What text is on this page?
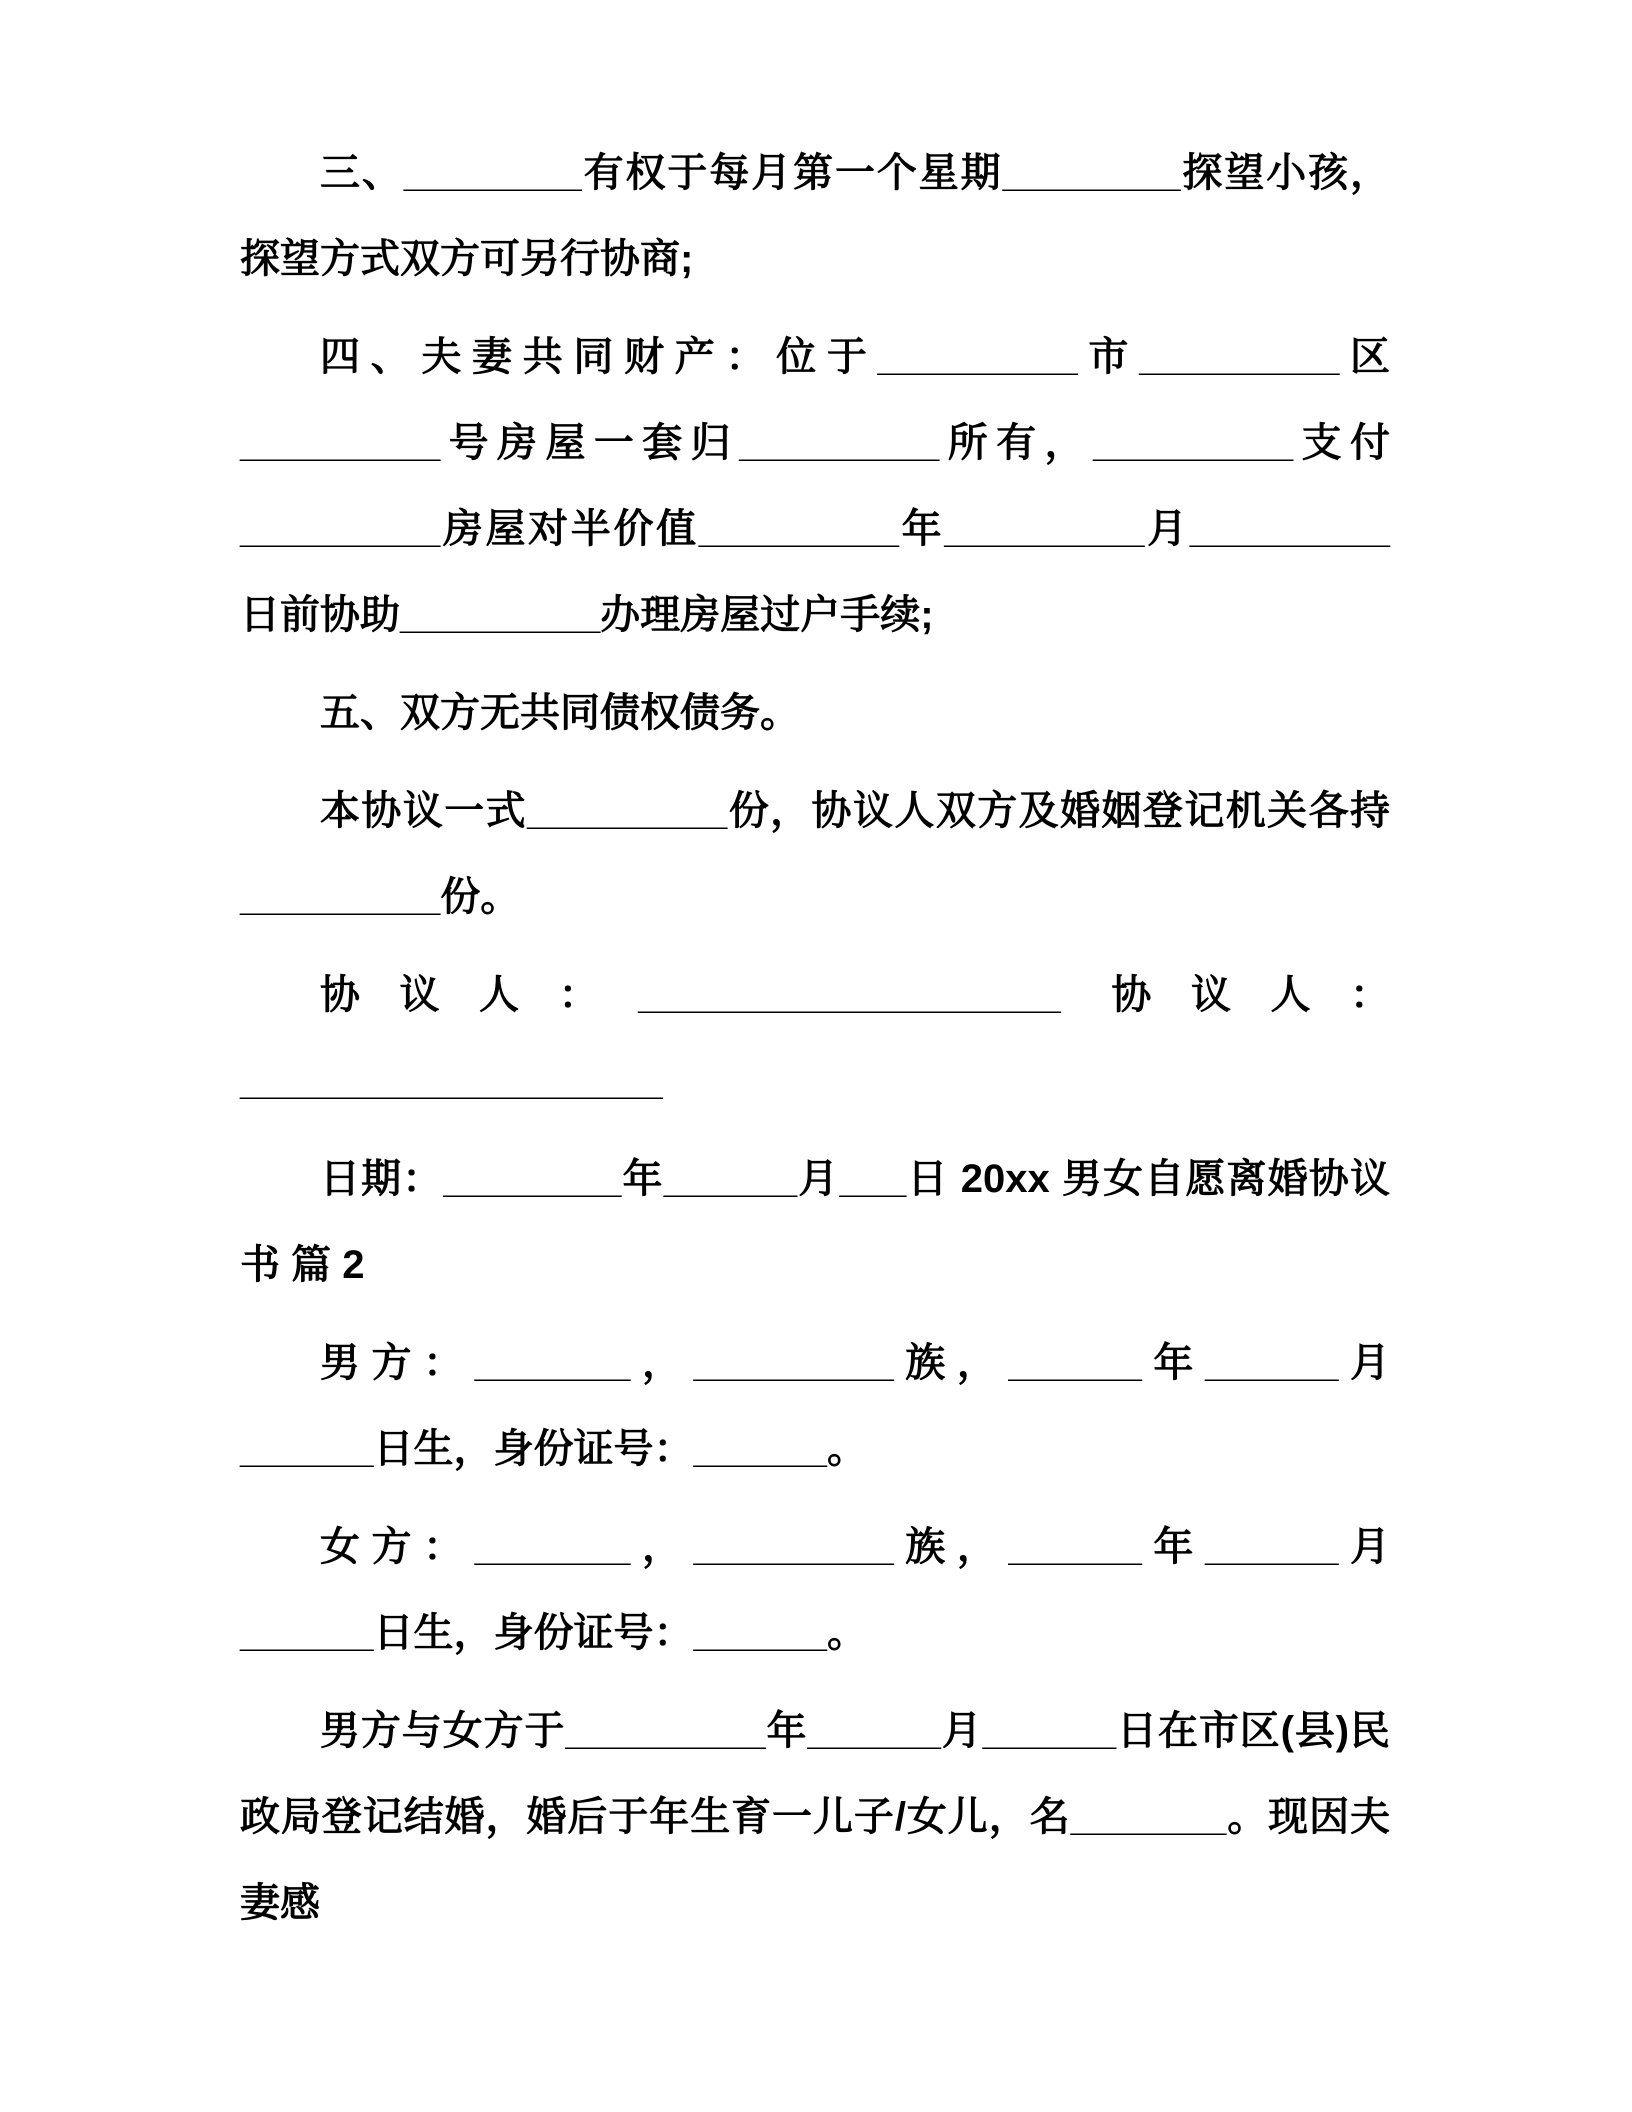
三、________有权于每月第一个星期________探望小孩，探望方式双方可另行协商;

四、夫妻共同财产：位于_________市_________区_________号房屋一套归_________所有，_________支付_________房屋对半价值_________年_________月_________日前协助_________办理房屋过户手续;

五、双方无共同债权债务。

本协议一式_________份，协议人双方及婚姻登记机关各持_________份。

协议人：___________________ 协议人：___________________

日期：________年______月___日 20xx 男女自愿离婚协议书 篇 2

男方：_______，_________族，______年______月______日生，身份证号：______。

女方：_______，_________族，______年______月______日生，身份证号：______。

男方与女方于_________年______月______日在市区(县)民政局登记结婚，婚后于年生育一儿子/女儿，名_______。现因夫妻感
